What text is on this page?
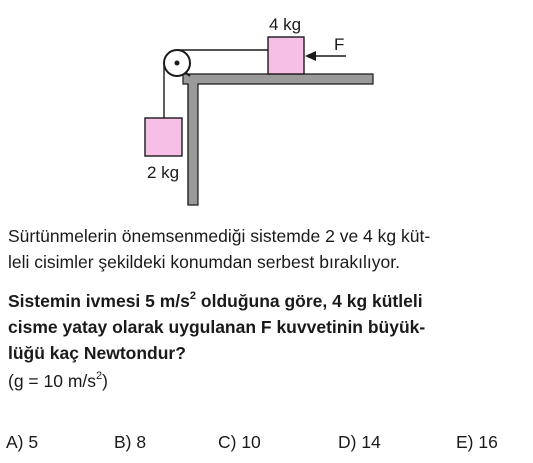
4 kg
F
2 kg

Sürtünmelerin önemsenmediği sistemde 2 ve 4 kg küt-
leli cisimler şekildeki konumdan serbest bırakılıyor.

Sistemin ivmesi 5 $m/s^2$ olduğuna göre, 4 kg kütleli
cisme yatay olarak uygulanan F kuvvetinin büyük-
lüğü kaç Newtondur?

(g = 10 $m/s^2$)

A) 5	B) 8	C) 10	D) 14	E) 16
